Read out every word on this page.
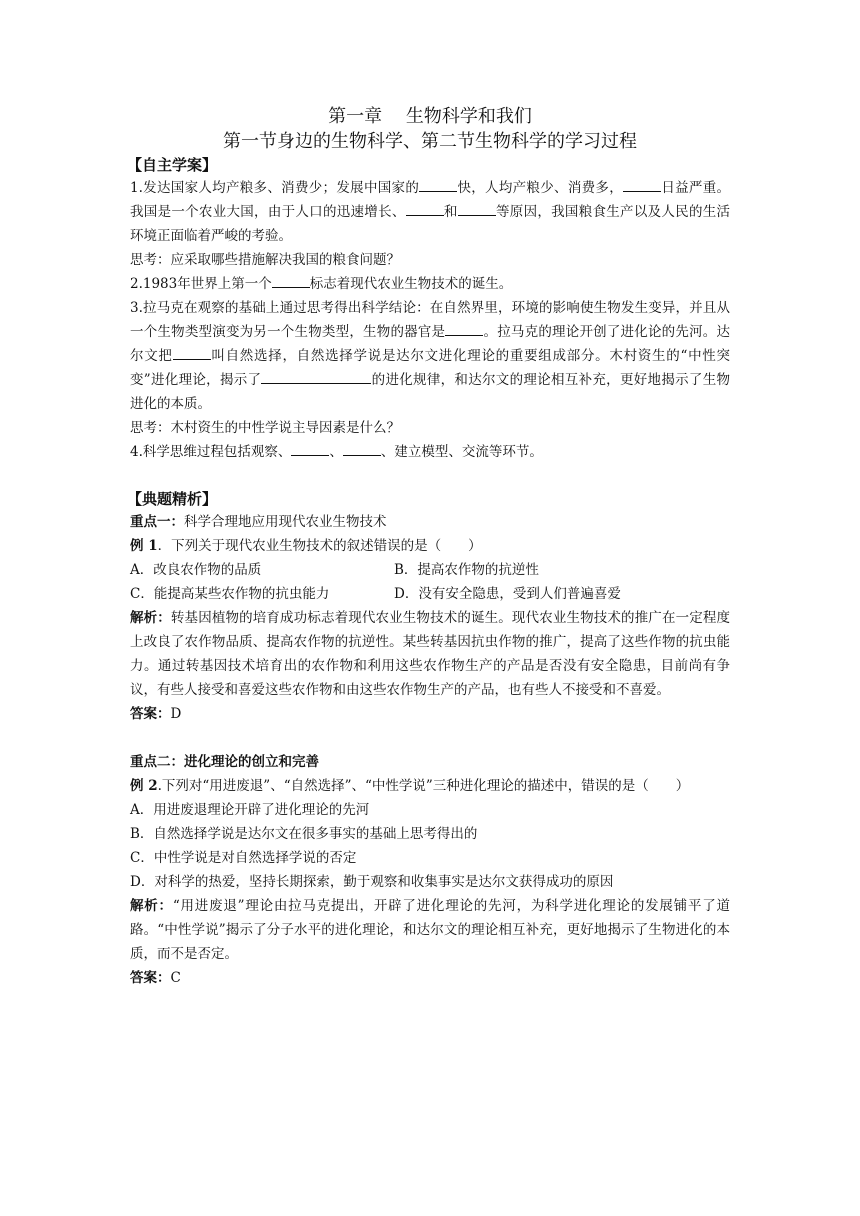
第一章　 生物科学和我们
第一节身边的生物科学、第二节生物科学的学习过程
【自主学案】

1.发达国家人均产粮多、消费少；发展中国家的	快，人均产粮少、消费多，	日益严重。我国是一个农业大国，由于人口的迅速增长、	和	等原因，我国粮食生产以及人民的生活环境正面临着严峻的考验。

思考：应采取哪些措施解决我国的粮食问题？

2.1983年世界上第一个	标志着现代农业生物技术的诞生。

3.拉马克在观察的基础上通过思考得出科学结论：在自然界里，环境的影响使生物发生变异，并且从一个生物类型演变为另一个生物类型，生物的器官是	。拉马克的理论开创了进化论的先河。达尔文把	叫自然选择，自然选择学说是达尔文进化理论的重要组成部分。木村资生的“中性突变”进化理论，揭示了	的进化规律，和达尔文的理论相互补充，更好地揭示了生物进化的本质。

思考：木村资生的中性学说主导因素是什么？

4.科学思维过程包括观察、	、	、建立模型、交流等环节。

【典题精析】

重点一：科学合理地应用现代农业生物技术

例 1．下列关于现代农业生物技术的叙述错误的是（　　）

A．改良农作物的品质	B．提高农作物的抗逆性
C．能提高某些农作物的抗虫能力	D．没有安全隐患，受到人们普遍喜爱

解析：转基因植物的培育成功标志着现代农业生物技术的诞生。现代农业生物技术的推广在一定程度上改良了农作物品质、提高农作物的抗逆性。某些转基因抗虫作物的推广，提高了这些作物的抗虫能力。通过转基因技术培育出的农作物和利用这些农作物生产的产品是否没有安全隐患，目前尚有争议，有些人接受和喜爱这些农作物和由这些农作物生产的产品，也有些人不接受和不喜爱。

答案：D

重点二：进化理论的创立和完善

例 2.下列对“用进废退”、“自然选择”、“中性学说”三种进化理论的描述中，错误的是（　　）

A．用进废退理论开辟了进化理论的先河

B．自然选择学说是达尔文在很多事实的基础上思考得出的

C．中性学说是对自然选择学说的否定

D．对科学的热爱，坚持长期探索，勤于观察和收集事实是达尔文获得成功的原因

解析：“用进废退”理论由拉马克提出，开辟了进化理论的先河，为科学进化理论的发展铺平了道路。“中性学说”揭示了分子水平的进化理论，和达尔文的理论相互补充，更好地揭示了生物进化的本质，而不是否定。

答案：C
